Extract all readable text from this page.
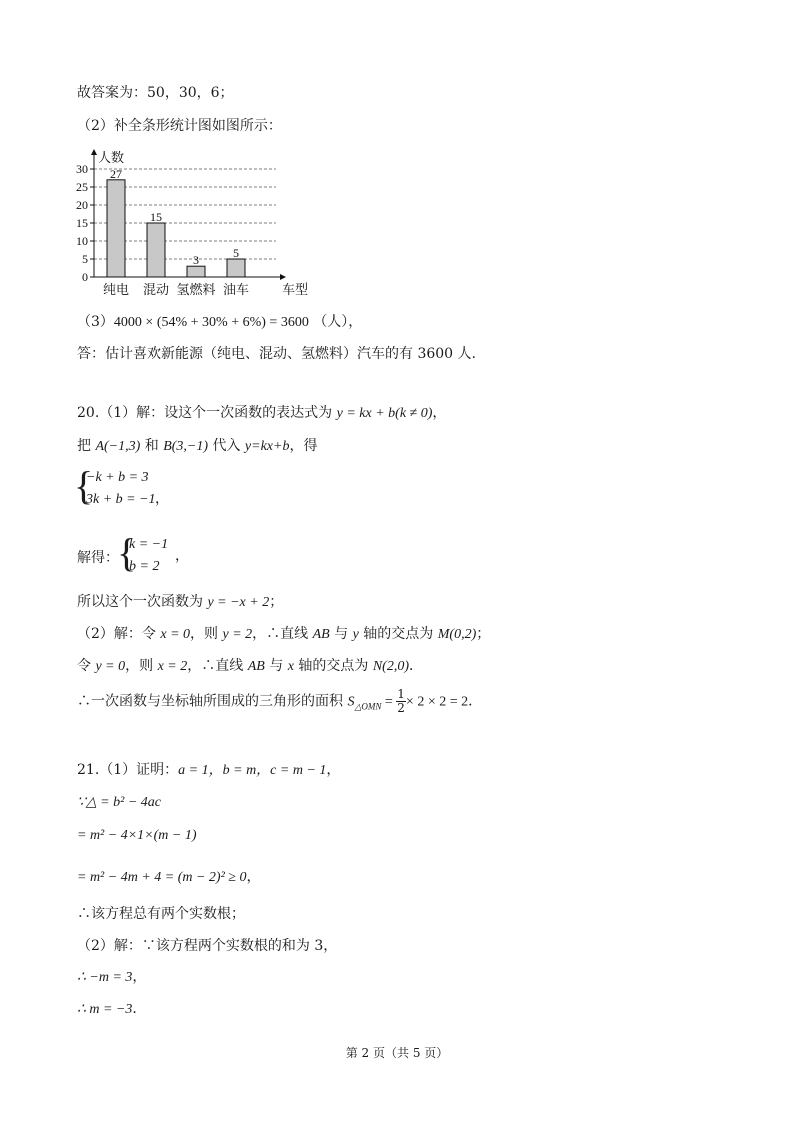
故答案为：50，30，6；
（2）补全条形统计图如图所示：
0
5
10
15
20
25
30
人数
车型
27
纯电
15
混动
3
氢燃料
5
油车
（3）4000 × (54% + 30% + 6%) = 3600 （人），
答：估计喜欢新能源（纯电、混动、氢燃料）汽车的有 3600 人.
20.（1）解：设这个一次函数的表达式为 y = kx + b(k ≠ 0)，
把 A(−1,3) 和 B(3,−1) 代入 y=kx+b，得
{
−k + b = 3
3k + b = −1 ，
解得：
{
k = −1
b = 2
，
所以这个一次函数为 y = −x + 2；
（2）解：令 x = 0，则 y = 2，∴直线 AB 与 y 轴的交点为 M(0,2)；
令 y = 0，则 x = 2，∴直线 AB 与 x 轴的交点为 N(2,0)．
∴一次函数与坐标轴所围成的三角形的面积 $S_{\triangle OMN} = \frac{1}{2} \times 2 \times 2 = 2$．
21.（1）证明：a = 1，b = m，c = m − 1，
∵△ = b² − 4ac
= m² − 4×1×(m − 1)
= m² − 4m + 4 = (m − 2)² ≥ 0，
∴该方程总有两个实数根；
（2）解：∵该方程两个实数根的和为 3，
∴ −m = 3，
∴ m = −3．
第 2 页（共 5 页）
